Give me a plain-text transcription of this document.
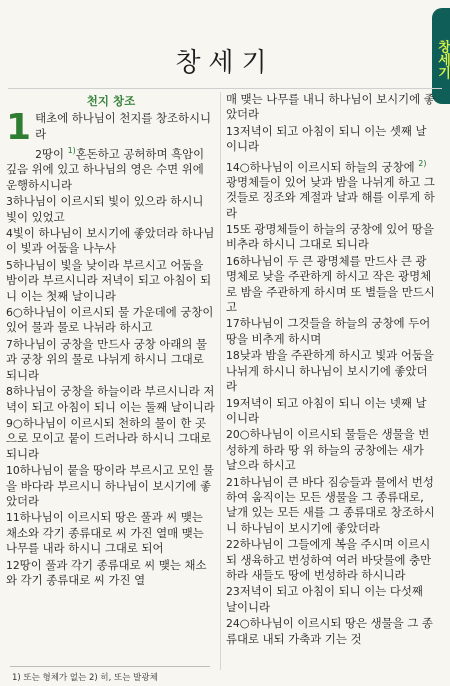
창세기
창세기
천지 창조
1 태초에 하나님이 천지를 창조하시니라
2땅이 $^{1)}$혼돈하고 공허하며 흑암이 깊음 위에 있고 하나님의 영은 수면 위에 운행하시니라
3하나님이 이르시되 빛이 있으라 하시니 빛이 있었고
4빛이 하나님이 보시기에 좋았더라 하나님이 빛과 어둠을 나누사
5하나님이 빛을 낮이라 부르시고 어둠을 밤이라 부르시니라 저녁이 되고 아침이 되니 이는 첫째 날이니라
6○하나님이 이르시되 물 가운데에 궁창이 있어 물과 물로 나뉘라 하시고
7하나님이 궁창을 만드사 궁창 아래의 물과 궁창 위의 물로 나뉘게 하시니 그대로 되니라
8하나님이 궁창을 하늘이라 부르시니라 저녁이 되고 아침이 되니 이는 둘째 날이니라
9○하나님이 이르시되 천하의 물이 한 곳으로 모이고 뭍이 드러나라 하시니 그대로 되니라
10하나님이 뭍을 땅이라 부르시고 모인 물을 바다라 부르시니 하나님이 보시기에 좋았더라
11하나님이 이르시되 땅은 풀과 씨 맺는 채소와 각기 종류대로 씨 가진 열매 맺는 나무를 내라 하시니 그대로 되어
12땅이 풀과 각기 종류대로 씨 맺는 채소와 각기 종류대로 씨 가진 열
매 맺는 나무를 내니 하나님이 보시기에 좋았더라
13저녁이 되고 아침이 되니 이는 셋째 날이니라
14○하나님이 이르시되 하늘의 궁창에 $^{2)}$광명체들이 있어 낮과 밤을 나뉘게 하고 그것들로 징조와 계절과 날과 해를 이루게 하라
15또 광명체들이 하늘의 궁창에 있어 땅을 비추라 하시니 그대로 되니라
16하나님이 두 큰 광명체를 만드사 큰 광명체로 낮을 주관하게 하시고 작은 광명체로 밤을 주관하게 하시며 또 별들을 만드시고
17하나님이 그것들을 하늘의 궁창에 두어 땅을 비추게 하시며
18낮과 밤을 주관하게 하시고 빛과 어둠을 나뉘게 하시니 하나님이 보시기에 좋았더라
19저녁이 되고 아침이 되니 이는 넷째 날이니라
20○하나님이 이르시되 물들은 생물을 번성하게 하라 땅 위 하늘의 궁창에는 새가 날으라 하시고
21하나님이 큰 바다 짐승들과 물에서 번성하여 움직이는 모든 생물을 그 종류대로, 날개 있는 모든 새를 그 종류대로 창조하시니 하나님이 보시기에 좋았더라
22하나님이 그들에게 복을 주시며 이르시되 생육하고 번성하여 여러 바닷물에 충만하라 새들도 땅에 번성하라 하시니라
23저녁이 되고 아침이 되니 이는 다섯째 날이니라
24○하나님이 이르시되 땅은 생물을 그 종류대로 내되 가축과 기는 것
1) 또는 형체가 없는 2) 히, 또는 발광체
